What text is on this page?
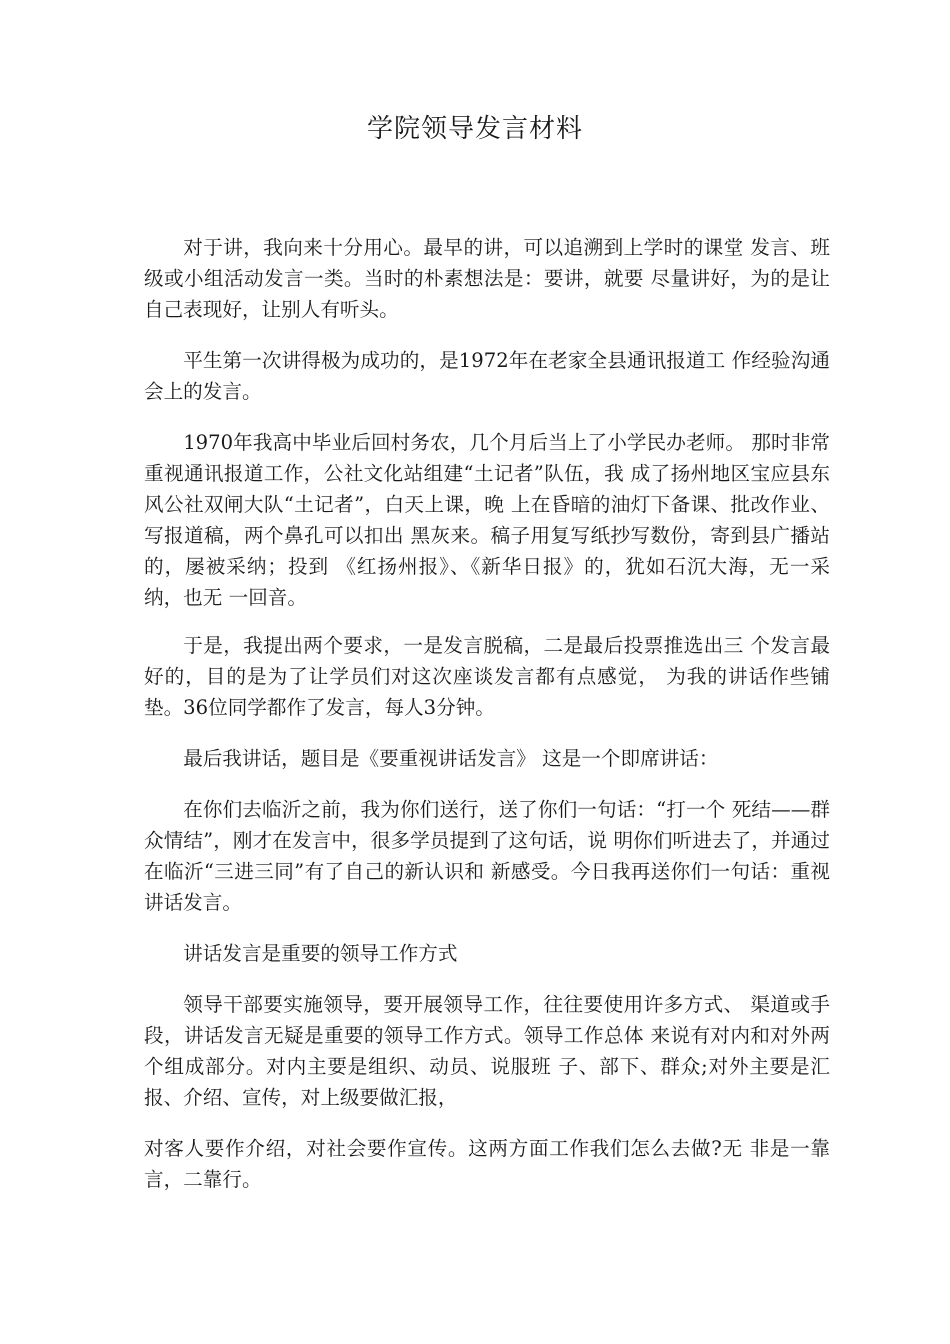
学院领导发言材料

对于讲，我向来十分用心。最早的讲，可以追溯到上学时的课堂 发言、班级或小组活动发言一类。当时的朴素想法是：要讲，就要 尽量讲好，为的是让自己表现好，让别人有听头。

平生第一次讲得极为成功的，是1972年在老家全县通讯报道工 作经验沟通会上的发言。

1970年我高中毕业后回村务农，几个月后当上了小学民办老师。 那时非常重视通讯报道工作，公社文化站组建“土记者”队伍，我 成了扬州地区宝应县东风公社双闸大队“土记者”，白天上课，晚 上在昏暗的油灯下备课、批改作业、写报道稿，两个鼻孔可以扣出 黑灰来。稿子用复写纸抄写数份，寄到县广播站的，屡被采纳；投到 《红扬州报》、《新华日报》的，犹如石沉大海，无一采纳，也无 一回音。

于是，我提出两个要求，一是发言脱稿，二是最后投票推选出三 个发言最好的，目的是为了让学员们对这次座谈发言都有点感觉， 为我的讲话作些铺垫。36位同学都作了发言，每人3分钟。

最后我讲话，题目是《要重视讲话发言》 这是一个即席讲话：

在你们去临沂之前，我为你们送行，送了你们一句话：“打一个 死结——群众情结”，刚才在发言中，很多学员提到了这句话，说 明你们听进去了，并通过在临沂“三进三同”有了自己的新认识和 新感受。今日我再送你们一句话：重视讲话发言。

讲话发言是重要的领导工作方式

领导干部要实施领导，要开展领导工作，往往要使用许多方式、 渠道或手段，讲话发言无疑是重要的领导工作方式。领导工作总体 来说有对内和对外两个组成部分。对内主要是组织、动员、说服班 子、部下、群众;对外主要是汇报、介绍、宣传，对上级要做汇报，

对客人要作介绍，对社会要作宣传。这两方面工作我们怎么去做?无 非是一靠言，二靠行。
